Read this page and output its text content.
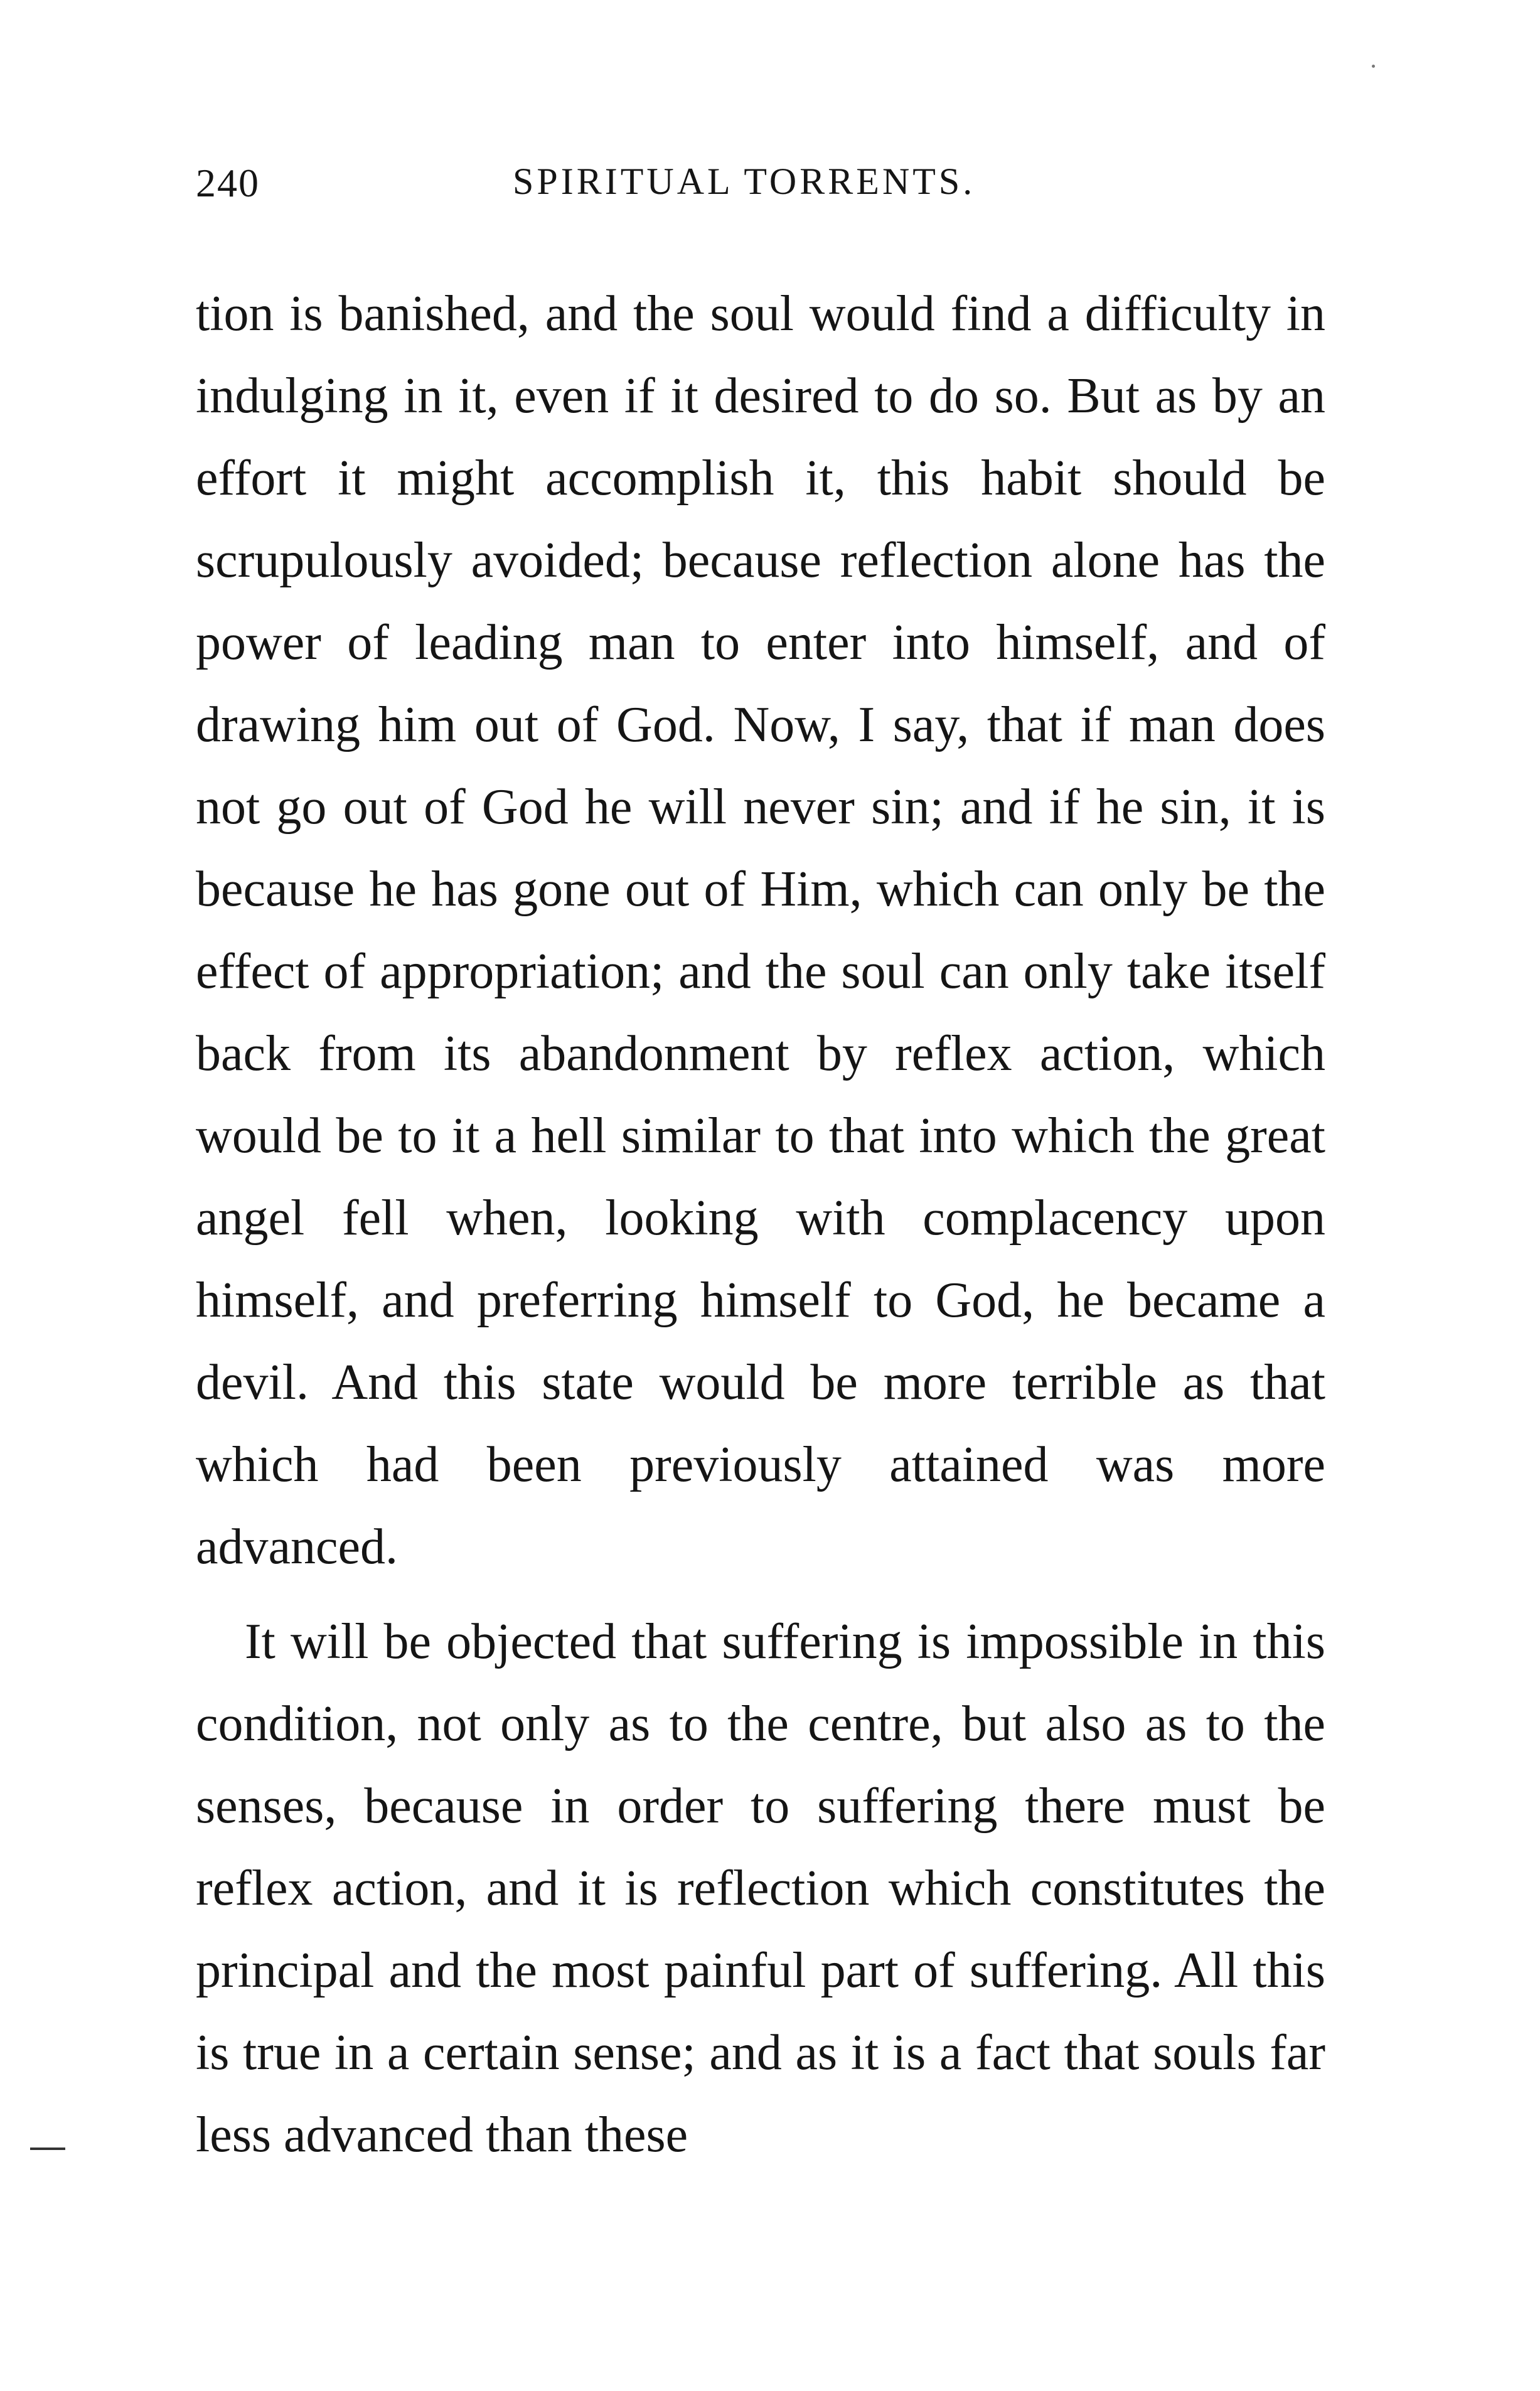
240	SPIRITUAL TORRENTS.

tion is banished, and the soul would find a difficulty in indulging in it, even if it desired to do so. But as by an effort it might accomplish it, this habit should be scrupulously avoided; because reflection alone has the power of leading man to enter into himself, and of drawing him out of God. Now, I say, that if man does not go out of God he will never sin; and if he sin, it is because he has gone out of Him, which can only be the effect of appropriation; and the soul can only take itself back from its abandonment by reflex action, which would be to it a hell similar to that into which the great angel fell when, looking with complacency upon himself, and preferring himself to God, he became a devil. And this state would be more terrible as that which had been previously attained was more advanced.

It will be objected that suffering is impossible in this condition, not only as to the centre, but also as to the senses, because in order to suffering there must be reflex action, and it is reflection which constitutes the principal and the most painful part of suffering. All this is true in a certain sense; and as it is a fact that souls far less advanced than these
